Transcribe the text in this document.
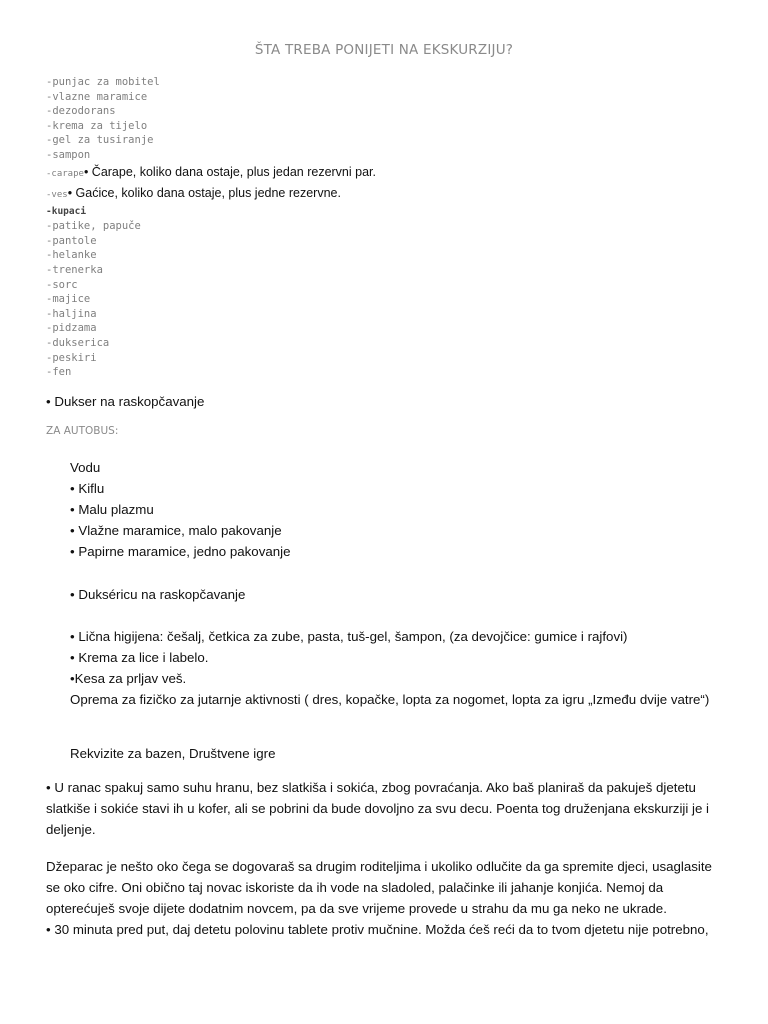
ŠTA TREBA PONIJETI NA EKSKURZIJU?
-punjac za mobitel
-vlazne maramice
-dezodorans
-krema za tijelo
-gel za tusiranje
-sampon
-carape• Čarape, koliko dana ostaje, plus jedan rezervni par.
-ves• Gaćice, koliko dana ostaje, plus jedne rezervne.
-kupaci
-patike, papuče
-pantole
-helanke
-trenerka
-sorc
-majice
-haljina
-pidzama
-dukserica
-peskiri
-fen

• Dukser na raskopčavanje

ZA AUTOBUS:

Vodu

• Kiflu

• Malu plazmu

• Vlažne maramice, malo pakovanje

• Papirne maramice, jedno pakovanje

• Dukséricu na raskopčavanje

• Lična higijena: češalj, četkica za zube, pasta, tuš-gel, šampon, (za devojčice: gumice i rajfovi)

• Krema za lice i labelo.

•Kesa za prljav veš.

Oprema za fizičko za jutarnje aktivnosti ( dres, kopačke, lopta za nogomet, lopta za igru „Između dvije vatre“)

Rekvizite za bazen, Društvene igre

• U ranac spakuj samo suhu hranu, bez slatkiša i sokića, zbog povraćanja. Ako baš planiraš da pakuješ djetetu slatkiše i sokiće stavi ih u kofer, ali se pobrini da bude dovoljno za svu decu. Poenta tog druženjana ekskurziji je i deljenje.

Džeparac je nešto oko čega se dogovaraš sa drugim roditeljima i ukoliko odlučite da ga spremite djeci, usaglasite se oko cifre. Oni obično taj novac iskoriste da ih vode na sladoled, palačinke ili jahanje konjića. Nemoj da opterećuješ svoje dijete dodatnim novcem, pa da sve vrijeme provede u strahu da mu ga neko ne ukrade.

• 30 minuta pred put, daj detetu polovinu tablete protiv mučnine. Možda ćeš reći da to tvom djetetu nije potrebno,
